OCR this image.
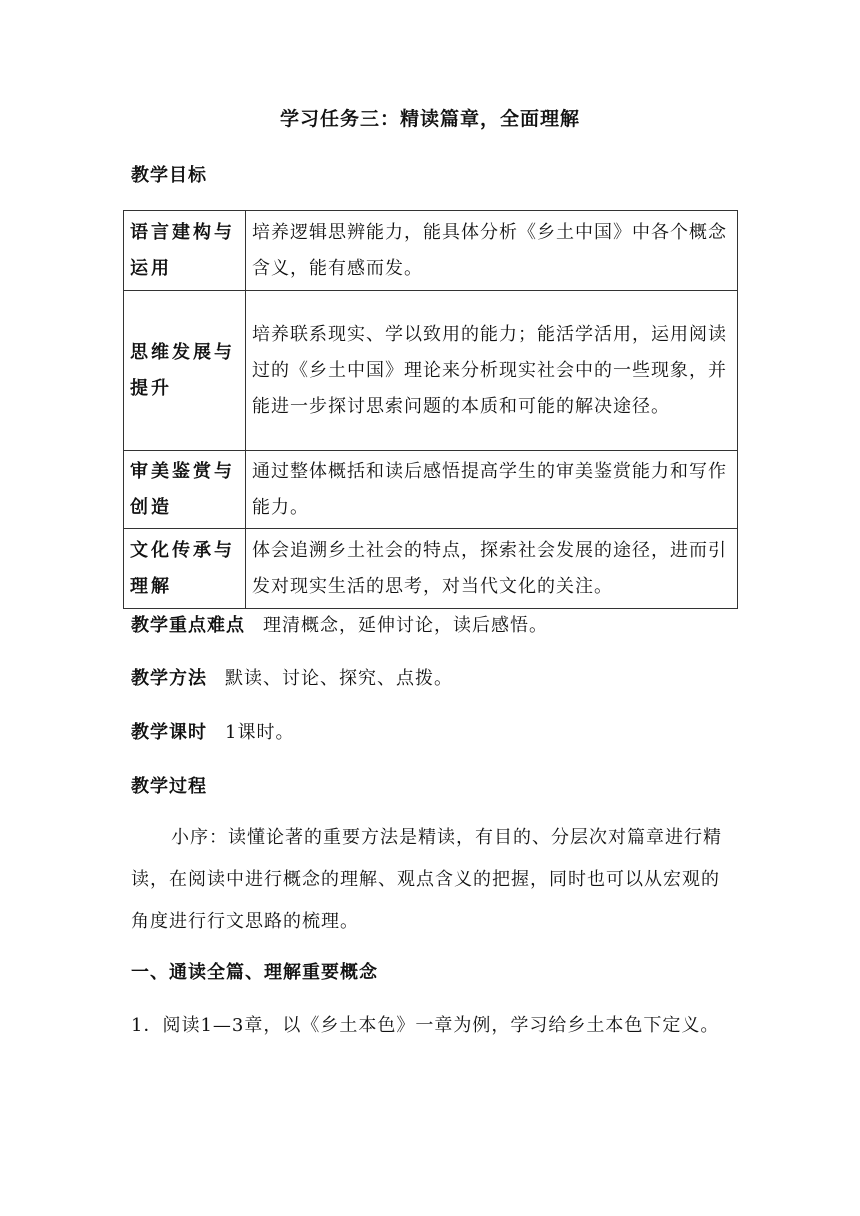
学习任务三：精读篇章，全面理解
教学目标
语言建构与运用	培养逻辑思辨能力，能具体分析《乡土中国》中各个概念含义，能有感而发。
思维发展与提升	培养联系现实、学以致用的能力；能活学活用，运用阅读过的《乡土中国》理论来分析现实社会中的一些现象，并能进一步探讨思索问题的本质和可能的解决途径。
审美鉴赏与创造	通过整体概括和读后感悟提高学生的审美鉴赏能力和写作能力。
文化传承与理解	体会追溯乡土社会的特点，探索社会发展的途径，进而引发对现实生活的思考，对当代文化的关注。
教学重点难点 理清概念，延伸讨论，读后感悟。
教学方法 默读、讨论、探究、点拨。
教学课时 1课时。
教学过程
小序：读懂论著的重要方法是精读，有目的、分层次对篇章进行精读，在阅读中进行概念的理解、观点含义的把握，同时也可以从宏观的角度进行行文思路的梳理。
一、通读全篇、理解重要概念
1．阅读1—3章，以《乡土本色》一章为例，学习给乡土本色下定义。
